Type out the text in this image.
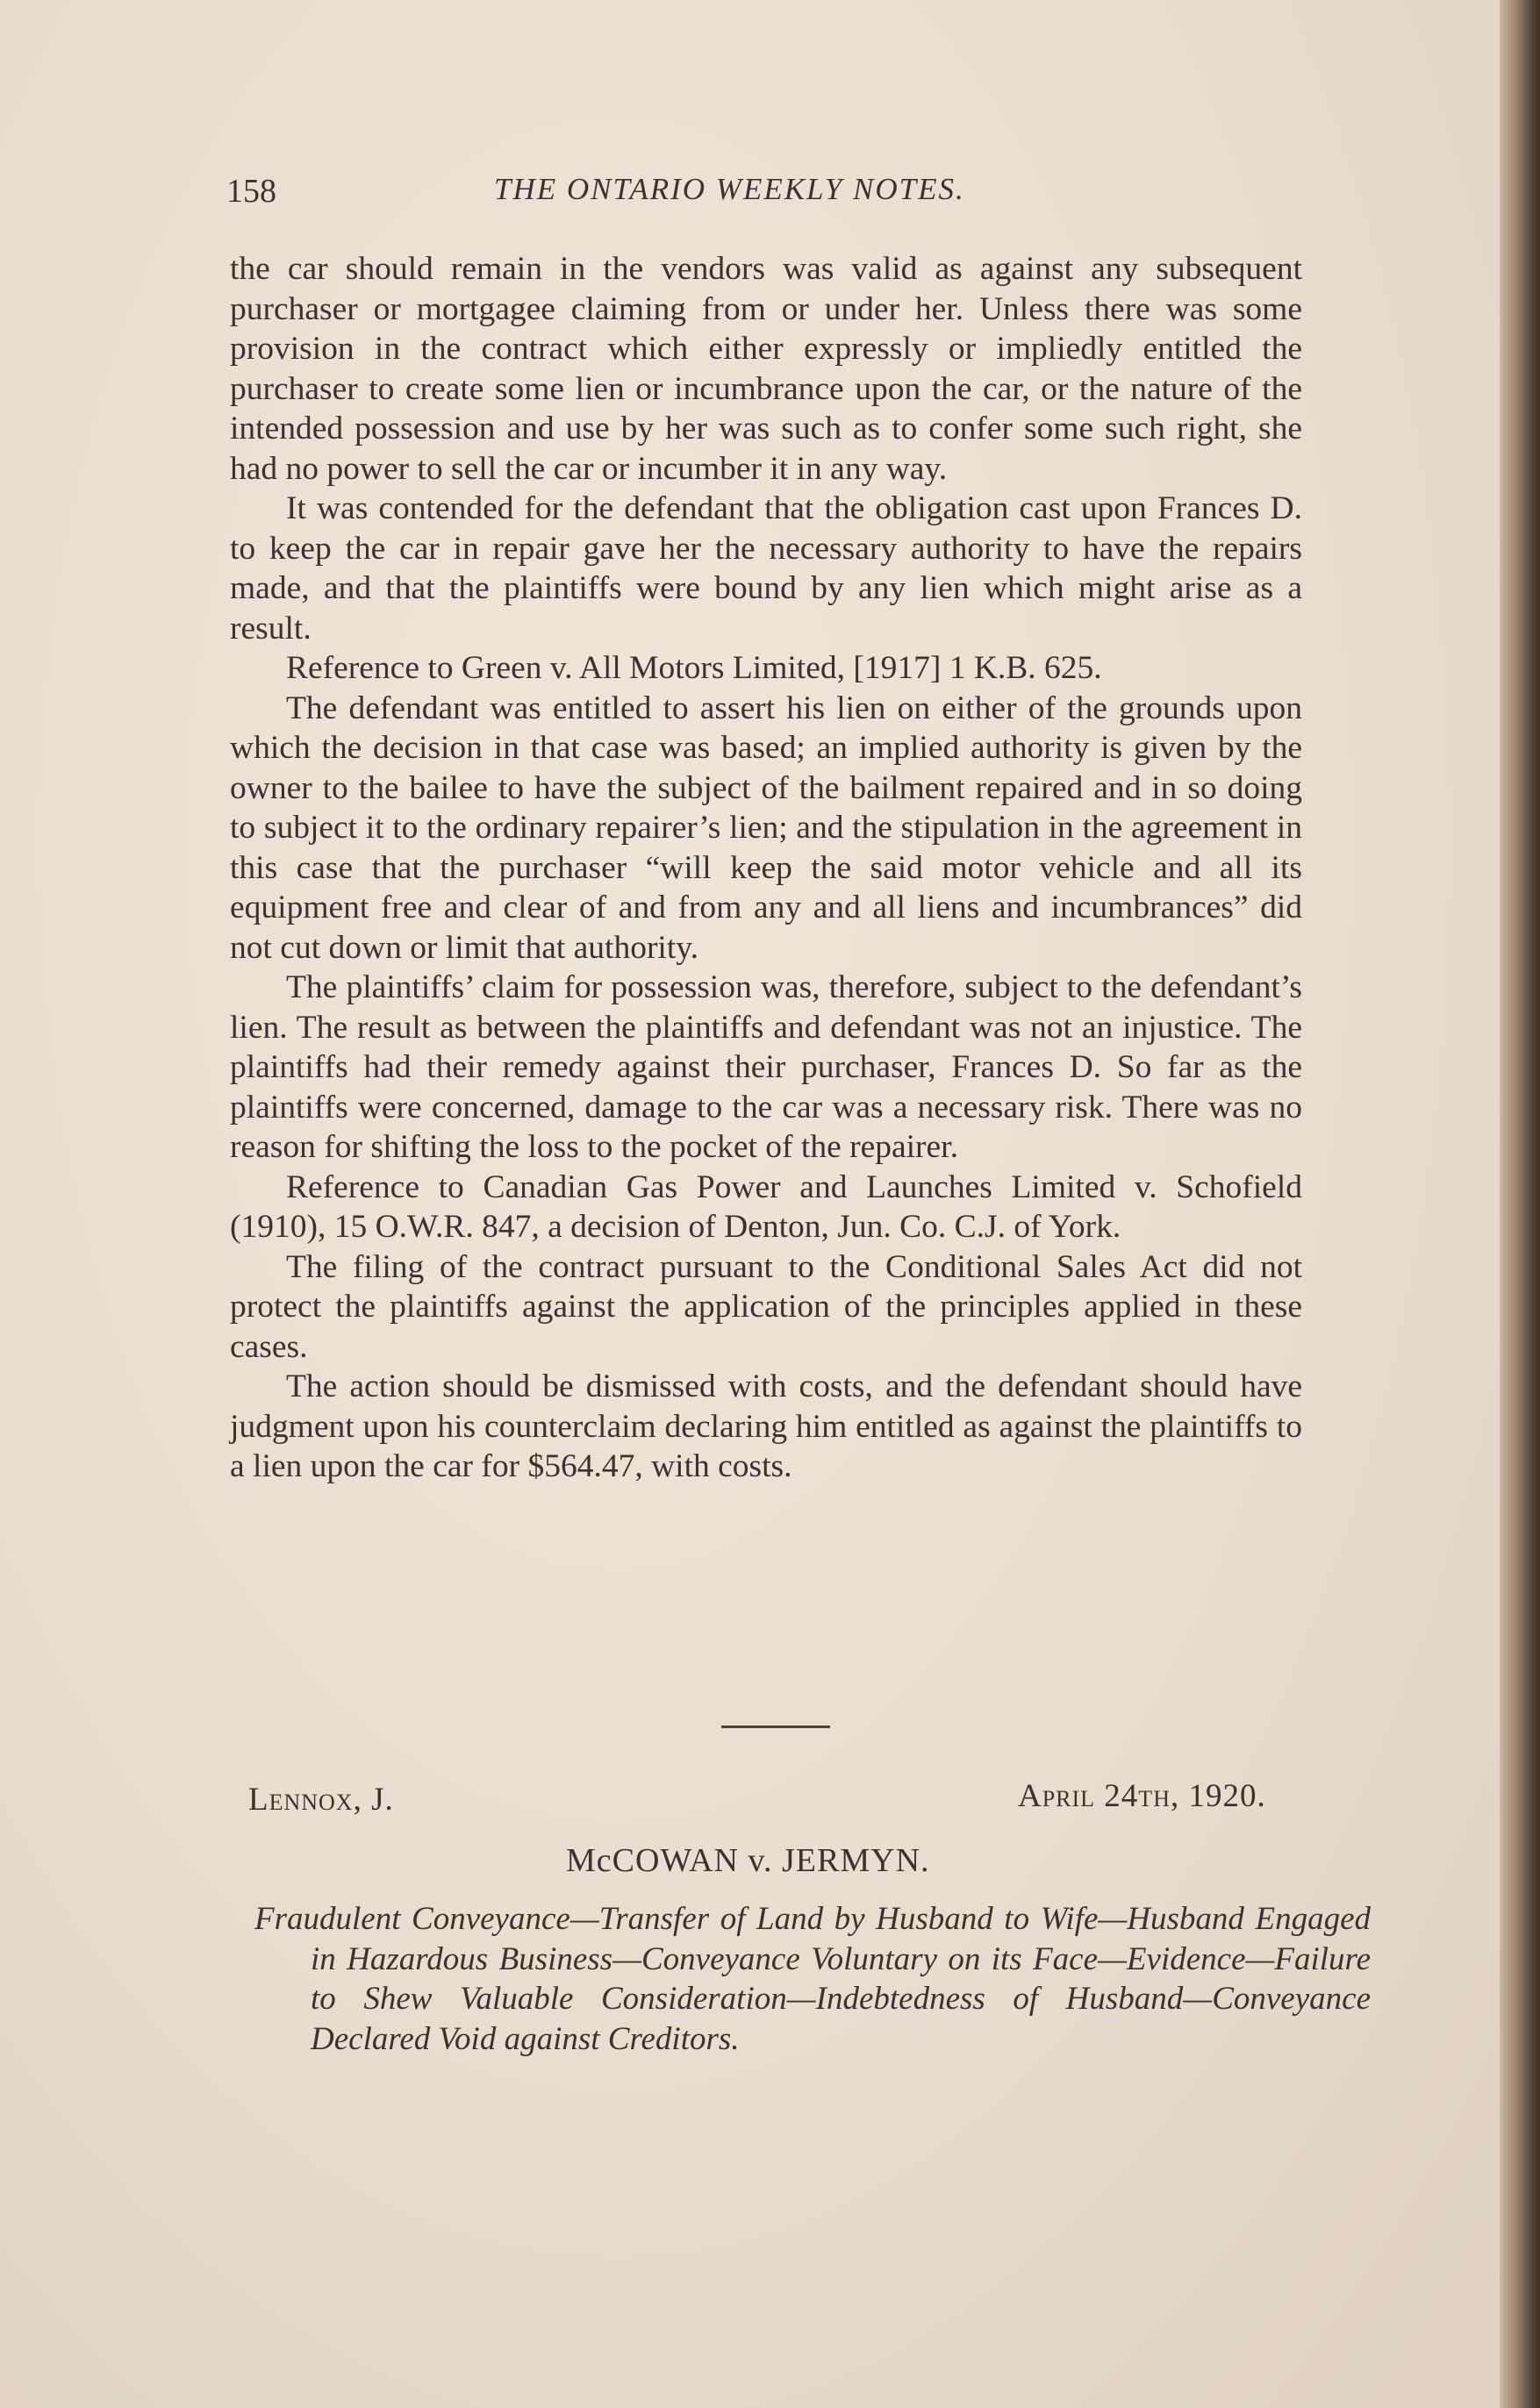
158	THE ONTARIO WEEKLY NOTES.

the car should remain in the vendors was valid as against any subsequent purchaser or mortgagee claiming from or under her. Unless there was some provision in the contract which either expressly or impliedly entitled the purchaser to create some lien or incumbrance upon the car, or the nature of the intended possession and use by her was such as to confer some such right, she had no power to sell the car or incumber it in any way.

It was contended for the defendant that the obligation cast upon Frances D. to keep the car in repair gave her the necessary authority to have the repairs made, and that the plaintiffs were bound by any lien which might arise as a result.

Reference to Green v. All Motors Limited, [1917] 1 K.B. 625.

The defendant was entitled to assert his lien on either of the grounds upon which the decision in that case was based; an implied authority is given by the owner to the bailee to have the subject of the bailment repaired and in so doing to subject it to the ordinary repairer’s lien; and the stipulation in the agreement in this case that the purchaser “will keep the said motor vehicle and all its equipment free and clear of and from any and all liens and incumbrances” did not cut down or limit that authority.

The plaintiffs’ claim for possession was, therefore, subject to the defendant’s lien. The result as between the plaintiffs and defendant was not an injustice. The plaintiffs had their remedy against their purchaser, Frances D. So far as the plaintiffs were concerned, damage to the car was a necessary risk. There was no reason for shifting the loss to the pocket of the repairer.

Reference to Canadian Gas Power and Launches Limited v. Schofield (1910), 15 O.W.R. 847, a decision of Denton, Jun. Co. C.J. of York.

The filing of the contract pursuant to the Conditional Sales Act did not protect the plaintiffs against the application of the principles applied in these cases.

The action should be dismissed with costs, and the defendant should have judgment upon his counterclaim declaring him entitled as against the plaintiffs to a lien upon the car for $564.47, with costs.

Lennox, J.	April 24th, 1920.
McCOWAN v. JERMYN.
Fraudulent Conveyance—Transfer of Land by Husband to Wife—Husband Engaged in Hazardous Business—Conveyance Voluntary on its Face—Evidence—Failure to Shew Valuable Consideration—Indebtedness of Husband—Conveyance Declared Void against Creditors.
